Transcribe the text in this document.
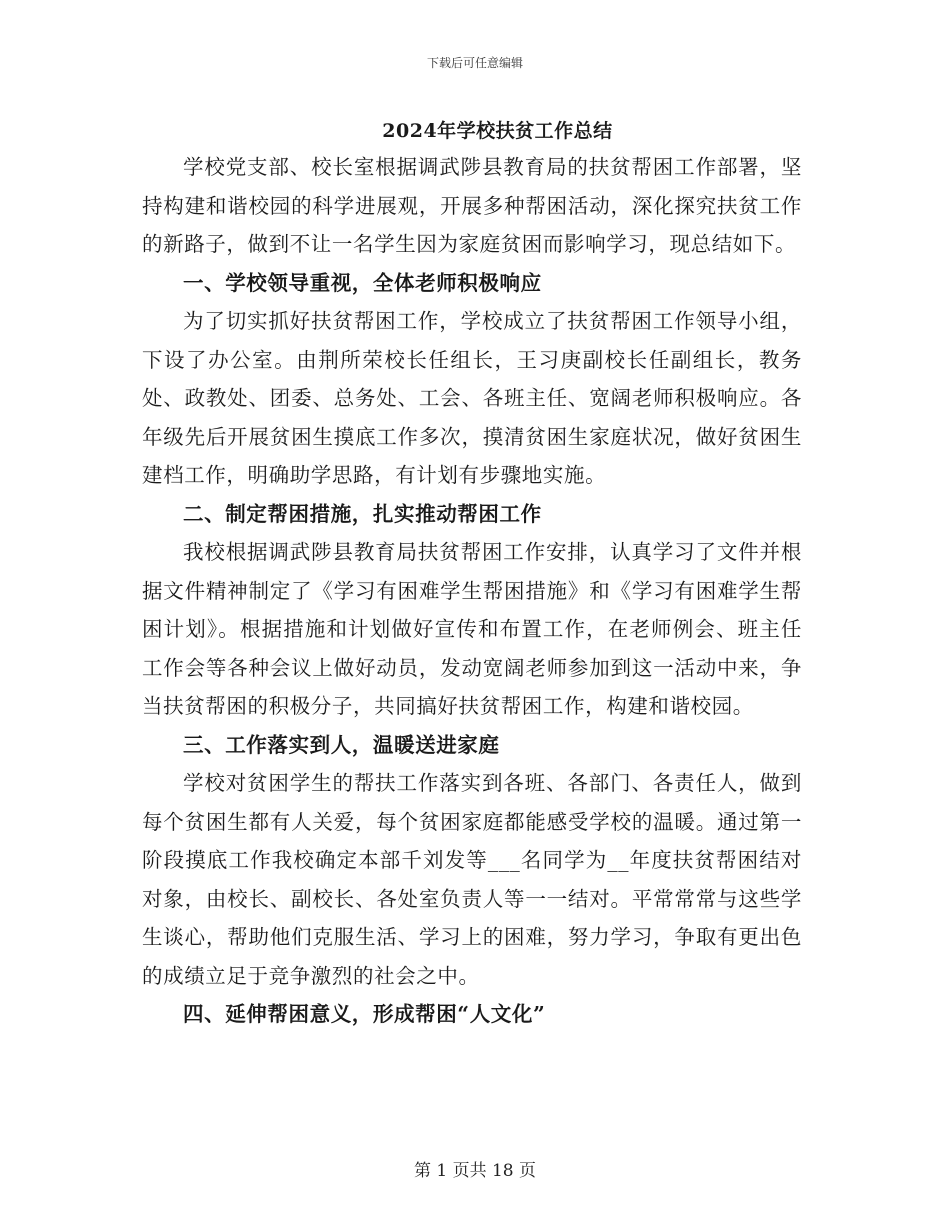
下载后可任意编辑
2024年学校扶贫工作总结

学校党支部、校长室根据调武陟县教育局的扶贫帮困工作部署，坚持构建和谐校园的科学进展观，开展多种帮困活动，深化探究扶贫工作的新路子，做到不让一名学生因为家庭贫困而影响学习，现总结如下。

一、学校领导重视，全体老师积极响应

为了切实抓好扶贫帮困工作，学校成立了扶贫帮困工作领导小组，下设了办公室。由荆所荣校长任组长，王习庚副校长任副组长，教务处、政教处、团委、总务处、工会、各班主任、宽阔老师积极响应。各年级先后开展贫困生摸底工作多次，摸清贫困生家庭状况，做好贫困生建档工作，明确助学思路，有计划有步骤地实施。

二、制定帮困措施，扎实推动帮困工作

我校根据调武陟县教育局扶贫帮困工作安排，认真学习了文件并根据文件精神制定了《学习有困难学生帮困措施》和《学习有困难学生帮困计划》。根据措施和计划做好宣传和布置工作，在老师例会、班主任工作会等各种会议上做好动员，发动宽阔老师参加到这一活动中来，争当扶贫帮困的积极分子，共同搞好扶贫帮困工作，构建和谐校园。

三、工作落实到人，温暖送进家庭

学校对贫困学生的帮扶工作落实到各班、各部门、各责任人，做到每个贫困生都有人关爱，每个贫困家庭都能感受学校的温暖。通过第一阶段摸底工作我校确定本部千刘发等___名同学为__年度扶贫帮困结对对象，由校长、副校长、各处室负责人等一一结对。平常常常与这些学生谈心，帮助他们克服生活、学习上的困难，努力学习，争取有更出色的成绩立足于竞争激烈的社会之中。

四、延伸帮困意义，形成帮困“人文化”

第 1 页共 18 页
